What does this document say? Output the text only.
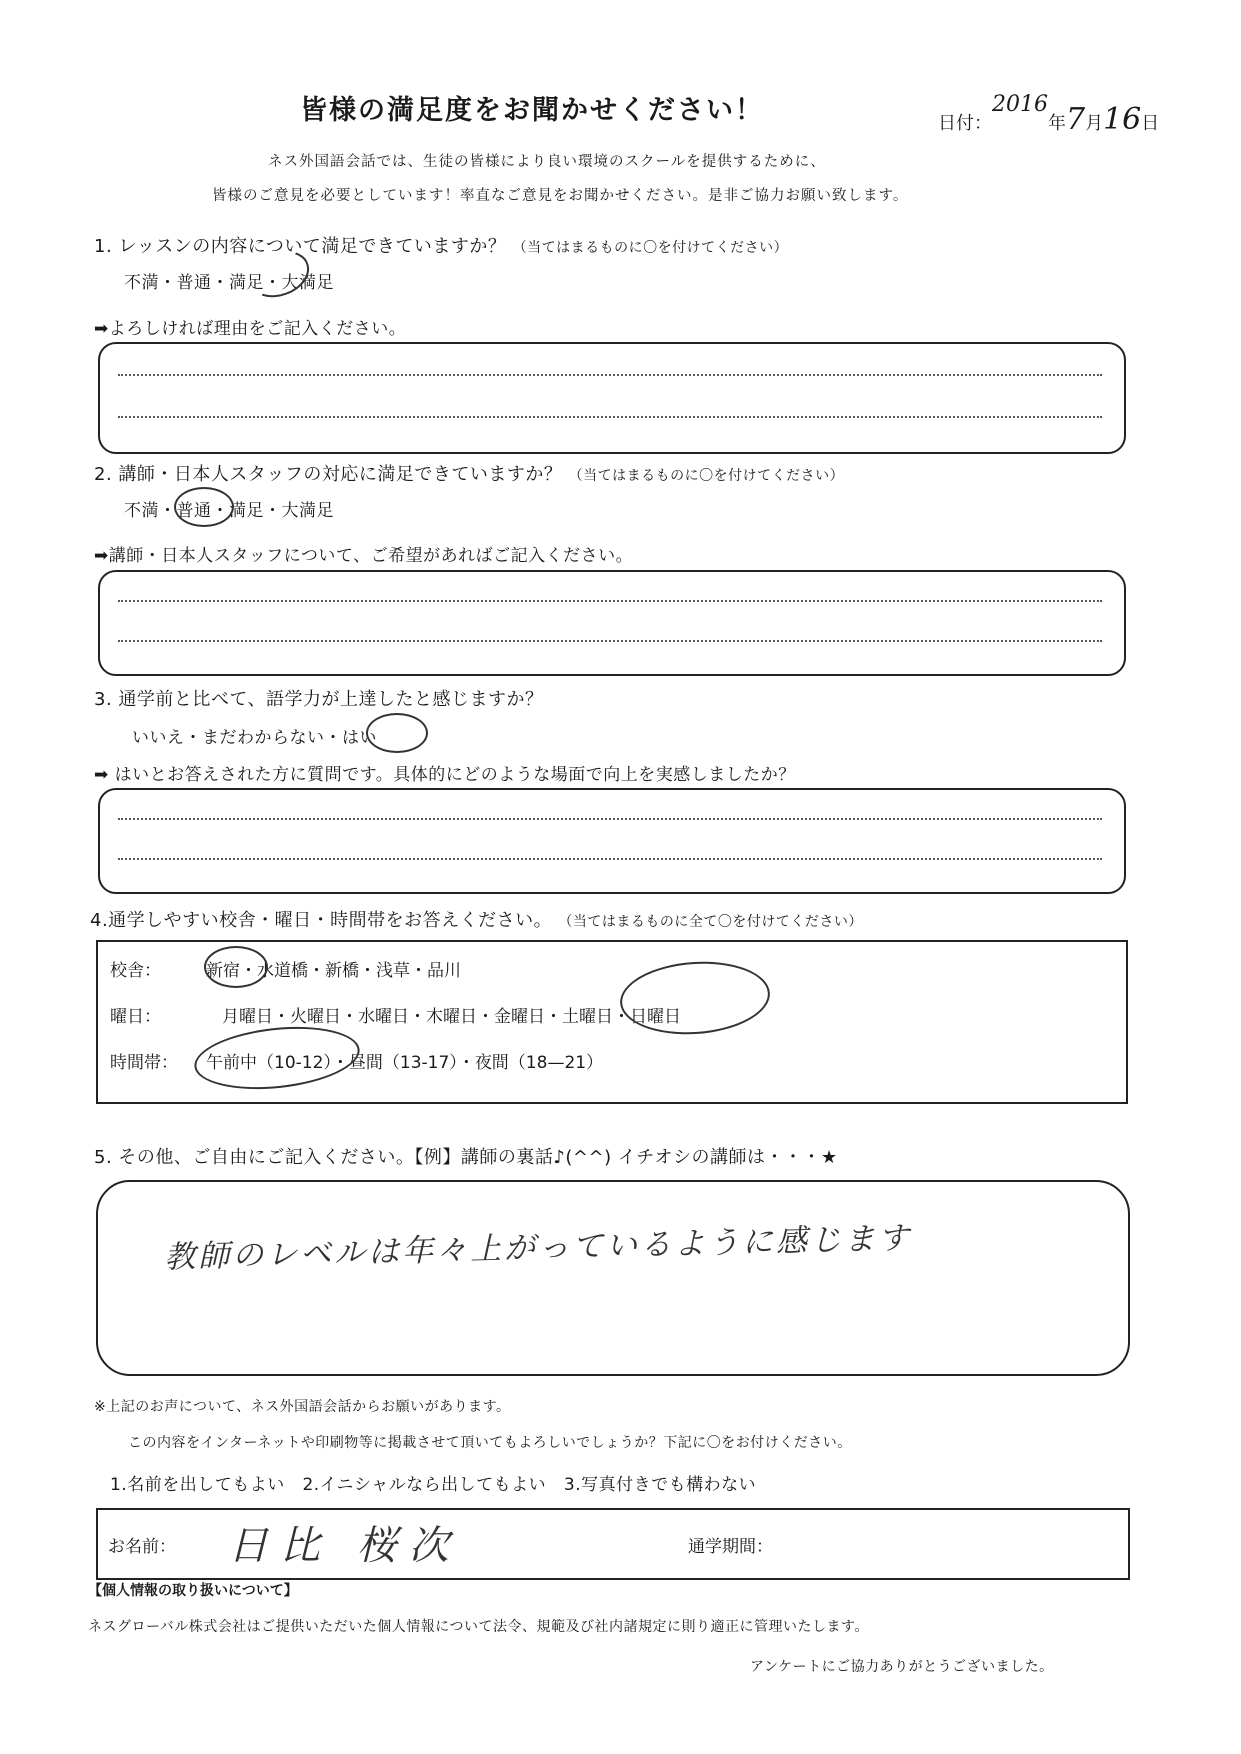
皆様の満足度をお聞かせください！	日付：2016年7月16日
ネス外国語会話では、生徒の皆様により良い環境のスクールを提供するために、
皆様のご意見を必要としています！率直なご意見をお聞かせください。是非ご協力お願い致します。
1. レッスンの内容について満足できていますか？ （当てはまるものに〇を付けてください）
不満・普通・満足・大満足
➡よろしければ理由をご記入ください。
2. 講師・日本人スタッフの対応に満足できていますか？ （当てはまるものに〇を付けてください）
不満・普通・満足・大満足
➡講師・日本人スタッフについて、ご希望があればご記入ください。
3. 通学前と比べて、語学力が上達したと感じますか？
いいえ・まだわからない・はい
➡ はいとお答えされた方に質問です。具体的にどのような場面で向上を実感しましたか？
4.通学しやすい校舎・曜日・時間帯をお答えください。 （当てはまるものに全て〇を付けてください）
校舎：	新宿・水道橋・新橋・浅草・品川
曜日：	月曜日・火曜日・水曜日・木曜日・金曜日・土曜日・日曜日
時間帯： 午前中（10-12）・昼間（13-17）・夜間（18—21）
5. その他、ご自由にご記入ください。【例】講師の裏話♪(^^) イチオシの講師は・・・★
教師のレベルは年々上がっているように感じます
※上記のお声について、ネス外国語会話からお願いがあります。
この内容をインターネットや印刷物等に掲載させて頂いてもよろしいでしょうか？下記に〇をお付けください。
1.名前を出してもよい 2.イニシャルなら出してもよい 3.写真付きでも構わない
お名前： 日比 桜次	通学期間：
【個人情報の取り扱いについて】
ネスグローバル株式会社はご提供いただいた個人情報について法令、規範及び社内諸規定に則り適正に管理いたします。
アンケートにご協力ありがとうございました。
